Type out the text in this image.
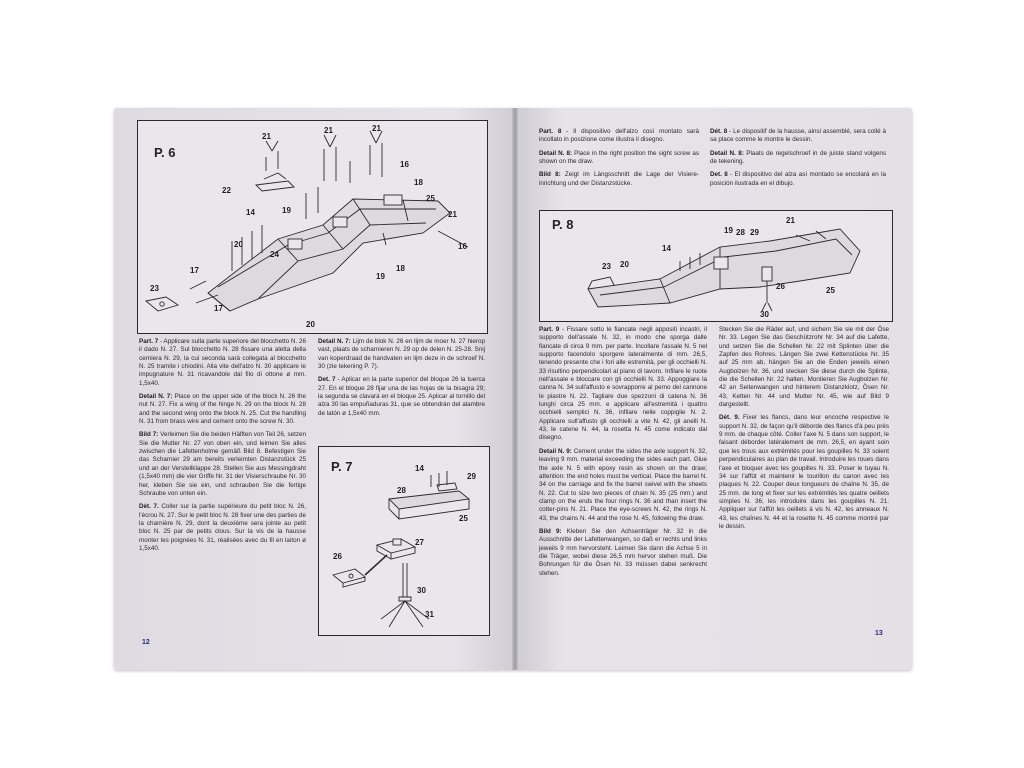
P. 6
21
21	21
16
18
25
21
22
14	19
20
24
16
18
19
17
23
17
20

Part. 7 - Applicare sulla parte superiore del blocchetto N. 26 il dado N. 27. Sul blocchetto N. 28 fissare una aletta della cerniera N. 29, la cui seconda sarà collegata al blocchetto N. 25 tramite i chiodini. Alla vite dell'alzo N. 30 applicare le impugnature N. 31 ricavandole dal filo di ottone ø mm. 1,5x40.

Detail N. 7: Place on the upper side of the block N. 26 the nut N. 27. Fix a wing of the hinge N. 29 on the block N. 28 and the second wing onto the block N. 25. Cut the handling N. 31 from brass wire and cement onto the screw N. 30.

Bild 7: Verleimen Sie die beiden Hälften von Teil 26, setzen Sie die Mutter Nr. 27 von oben ein, und leimen Sie alles zwischen die Lafettenholme gemäß Bild 8. Befestigen Sie das Scharnier 29 am bereits verleimten Distanzstück 25 und an der Verstellklappe 28. Stellen Sie aus Messingdraht (1,5x40 mm) die vier Griffe Nr. 31 der Visierschraube Nr. 30 her, kleben Sie sie ein, und schrauben Sie die fertige Schraube von unten ein.

Dét. 7. Coller sur la partie supérieure du petit bloc N. 26, l'écrou N. 27. Sur le petit bloc N. 28 fixer une des parties de la charnière N. 29, dont la deuxième sera jointe au petit bloc N. 25 par de petits clous. Sur la vis de la hausse monter les poignées N. 31, réalisées avec du fil en laiton ø 1,5x40.

Detail N. 7: Lijm de blok N. 26 en lijm de moer N. 27 hierop vast, plaats de scharnieren N. 29 op de delen N. 25-28. Snij van koperdraad de handvaten en lijm deze in de schroef N. 30 (zie tekening P. 7).

Det. 7 - Aplicar en la parte superior del bloque 26 la tuerca 27. En el bloque 28 fijar una de las hojas de la bisagra 29; la segunda se clavará en el bloque 25. Aplicar al tornillo del alza 30 las empuñaduras 31, que se obtendrán del alambre de latón ø 1,5x40 mm.

P. 7	14
29
28
25
26
27
30
31
12

Part. 8 - Il dispositivo dell'alzo così montato sarà incollato in posizione come illustra il disegno.

Detail N. 8: Place in the right position the sight screw as shown on the draw.

Bild 8: Zeigt im Längsschnitt die Lage der Visiere-inrichtung und der Distanzstücke.

Dét. 8 - Le dispositif de la hausse, ainsi assemblé, sera collé à sa place comme le montre le dessin.

Detail N. 8: Plaats de regelschroef in de juiste stand volgens de tekening.

Det. 8 - El dispositivo del alza así montado se encolará en la posición ilustrada en el dibujo.

P. 8	21
19 28 29
14
23 20
26	25
30

Part. 9 - Fissare sotto le fiancate negli appositi incastri, il supporto dell'assale N. 32, in modo che sporga dalle fiancate di circa 9 mm. per parte. Incollare l'assale N. 5 nel supporto facendolo sporgere lateralmente di mm. 26,5, tenendo presente che i fori alle estremità, per gli occhielli N. 33 risultino perpendicolari al piano di lavoro. Infilare le ruote nell'assale e bloccare con gli occhielli N. 33. Appoggiare la canna N. 34 sull'affusto e sovrapporre al perno del cannone le piastre N. 22. Tagliare due spezzoni di catena N. 36 lunghi circa 25 mm. e applicare all'estremità i quattro occhielli semplici N. 36, infilare nelle coppiglie N. 2. Applicare sull'affusto gli occhielli a vite N. 42, gli anelli N. 43, le catene N. 44, la rosetta N. 45 come indicato dal disegno.

Detail N. 9: Cement under the sides the axle support N. 32, leaving 9 mm. material exceeding the sides each part. Glue the axle N. 5 with epoxy resin as shown on the draw; attention: the end holes must be vertical. Place the barrel N. 34 on the carriage and fix the barrel swivel with the sheets N. 22. Cut to size two pieces of chain N. 35 (25 mm.) and clamp on the ends the four rings N. 36 and than insert the cotter-pins N. 21. Place the eye-screws N. 42, the rings N. 43, the chains N. 44 and the rose N. 45, following the draw.

Bild 9: Kleben Sie den Achsenträger Nr. 32 in die Ausschnitte der Lafettenwangen, so daß er rechts und links jeweils 9 mm hervorsteht. Leimen Sie dann die Achse 5 in die Träger, wobei diese 26,5 mm hervor stehen muß. Die Bohrungen für die Ösen Nr. 33 müssen dabei senkrecht stehen.

Stecken Sie die Räder auf, und sichern Sie sie mit der Öse Nr. 33. Legen Sie das Geschützrohr Nr. 34 auf die Lafette, und setzen Sie die Schellen Nr. 22 mit Splinten über die Zapfen des Rohres. Längen Sie zwei Kettenstücke Nr. 35 auf 25 mm ab, hängen Sie an die Enden jeweils einen Augbolzen Nr. 36, und stecken Sie diese durch die Splinte, die die Schellen Nr. 22 halten. Montieren Sie Augbolzen Nr. 42 an Seitenwangen und hinterem Distanzklotz, Ösen Nr. 43, Ketten Nr. 44 und Mutter Nr. 45, wie auf Bild 9 dargestellt.

Dét. 9. Fixer les flancs, dans leur encoche respective le support N. 32, de façon qu'il déborde des flancs d'à peu près 9 mm. de chaque côté. Coller l'axe N. 5 dans son support, le faisant déborder latéralement de mm. 26,5, en ayant soin que les trous aux extrémités pour les goupilles N. 33 soient perpendiculaires au plan de travail. Introduire les roues dans l'axe et bloquer avec les goupilles N. 33. Poser le tuyau N. 34 sur l'affût et maintenir le tourillon du canon avec les plaques N. 22. Couper deux longueurs de chaîne N. 35, de 25 mm. de long et fixer sur les extrémités les quatre oeillets simples N. 36; les introduire dans les goupilles N. 21. Appliquer sur l'affût les oeillets à vis N. 42, les anneaux N. 43, les chaînes N. 44 et la rosette N. 45 comme montré par le dessin.

13
